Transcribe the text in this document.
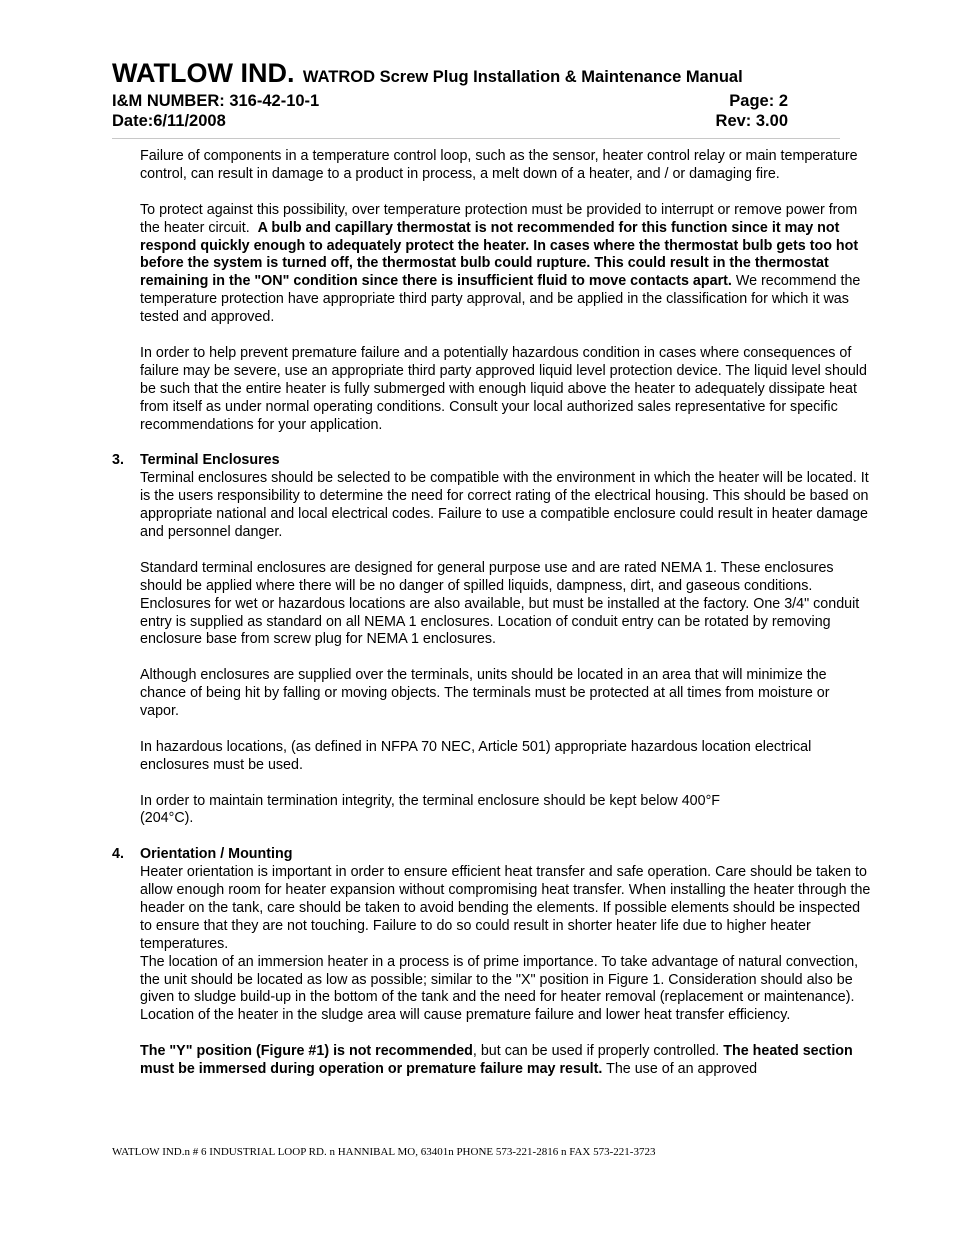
WATLOW IND. WATROD Screw Plug Installation & Maintenance Manual
I&M NUMBER: 316-42-10-1	Page: 2
Date:6/11/2008	Rev: 3.00

Failure of components in a temperature control loop, such as the sensor, heater control relay or main temperature control, can result in damage to a product in process, a melt down of a heater, and / or damaging fire.

To protect against this possibility, over temperature protection must be provided to interrupt or remove power from the heater circuit. A bulb and capillary thermostat is not recommended for this function since it may not respond quickly enough to adequately protect the heater. In cases where the thermostat bulb gets too hot before the system is turned off, the thermostat bulb could rupture. This could result in the thermostat remaining in the "ON" condition since there is insufficient fluid to move contacts apart. We recommend the temperature protection have appropriate third party approval, and be applied in the classification for which it was tested and approved.

In order to help prevent premature failure and a potentially hazardous condition in cases where consequences of failure may be severe, use an appropriate third party approved liquid level protection device. The liquid level should be such that the entire heater is fully submerged with enough liquid above the heater to adequately dissipate heat from itself as under normal operating conditions. Consult your local authorized sales representative for specific recommendations for your application.

3. Terminal Enclosures

Terminal enclosures should be selected to be compatible with the environment in which the heater will be located. It is the users responsibility to determine the need for correct rating of the electrical housing. This should be based on appropriate national and local electrical codes. Failure to use a compatible enclosure could result in heater damage and personnel danger.

Standard terminal enclosures are designed for general purpose use and are rated NEMA 1. These enclosures should be applied where there will be no danger of spilled liquids, dampness, dirt, and gaseous conditions. Enclosures for wet or hazardous locations are also available, but must be installed at the factory. One 3/4" conduit entry is supplied as standard on all NEMA 1 enclosures. Location of conduit entry can be rotated by removing enclosure base from screw plug for NEMA 1 enclosures.

Although enclosures are supplied over the terminals, units should be located in an area that will minimize the chance of being hit by falling or moving objects. The terminals must be protected at all times from moisture or vapor.

In hazardous locations, (as defined in NFPA 70 NEC, Article 501) appropriate hazardous location electrical enclosures must be used.

In order to maintain termination integrity, the terminal enclosure should be kept below 400°F
(204°C).

4. Orientation / Mounting

Heater orientation is important in order to ensure efficient heat transfer and safe operation. Care should be taken to allow enough room for heater expansion without compromising heat transfer. When installing the heater through the header on the tank, care should be taken to avoid bending the elements. If possible elements should be inspected to ensure that they are not touching. Failure to do so could result in shorter heater life due to higher heater temperatures.

The location of an immersion heater in a process is of prime importance. To take advantage of natural convection, the unit should be located as low as possible; similar to the "X" position in Figure 1. Consideration should also be given to sludge build-up in the bottom of the tank and the need for heater removal (replacement or maintenance). Location of the heater in the sludge area will cause premature failure and lower heat transfer efficiency.

The "Y" position (Figure #1) is not recommended, but can be used if properly controlled. The heated section must be immersed during operation or premature failure may result. The use of an approved

WATLOW IND.n # 6 INDUSTRIAL LOOP RD. n HANNIBAL MO, 63401n PHONE 573-221-2816 n FAX 573-221-3723
